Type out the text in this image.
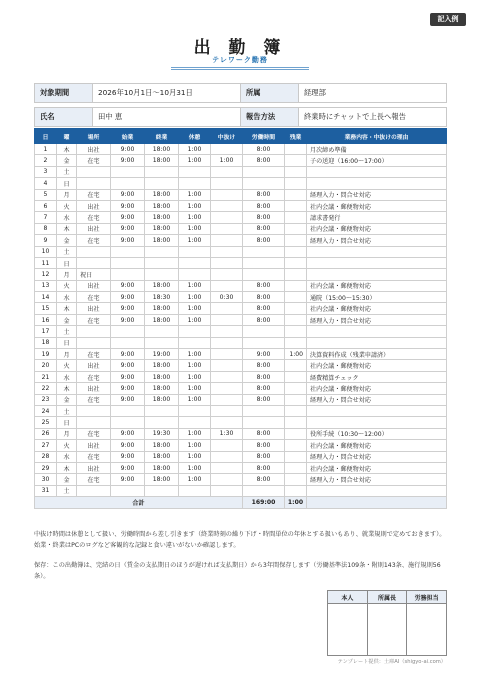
記入例
出 勤 簿
テレワーク勤務
対象期間	2026年10月1日〜10月31日	所属	経理部

氏名	田中 恵	報告方法	終業時にチャットで上長へ報告
日	曜	場所	始業	終業	休憩	中抜け	労働時間	残業	業務内容・中抜けの理由
1	木	出社	9:00	18:00	1:00		8:00		月次締め準備
2	金	在宅	9:00	18:00	1:00	1:00	8:00		子の送迎（16:00〜17:00）
3	土								
4	日								
5	月	在宅	9:00	18:00	1:00		8:00		経理入力・問合せ対応
6	火	出社	9:00	18:00	1:00		8:00		社内会議・郵便物対応
7	水	在宅	9:00	18:00	1:00		8:00		請求書発行
8	木	出社	9:00	18:00	1:00		8:00		社内会議・郵便物対応
9	金	在宅	9:00	18:00	1:00		8:00		経理入力・問合せ対応
10	土								
11	日								
12	月	祝日							
13	火	出社	9:00	18:00	1:00		8:00		社内会議・郵便物対応
14	水	在宅	9:00	18:30	1:00	0:30	8:00		通院（15:00〜15:30）
15	木	出社	9:00	18:00	1:00		8:00		社内会議・郵便物対応
16	金	在宅	9:00	18:00	1:00		8:00		経理入力・問合せ対応
17	土								
18	日								
19	月	在宅	9:00	19:00	1:00		9:00	1:00	決算資料作成（残業申請済）
20	火	出社	9:00	18:00	1:00		8:00		社内会議・郵便物対応
21	水	在宅	9:00	18:00	1:00		8:00		経費精算チェック
22	木	出社	9:00	18:00	1:00		8:00		社内会議・郵便物対応
23	金	在宅	9:00	18:00	1:00		8:00		経理入力・問合せ対応
24	土								
25	日								
26	月	在宅	9:00	19:30	1:00	1:30	8:00		役所手続（10:30〜12:00）
27	火	出社	9:00	18:00	1:00		8:00		社内会議・郵便物対応
28	水	在宅	9:00	18:00	1:00		8:00		経理入力・問合せ対応
29	木	出社	9:00	18:00	1:00		8:00		社内会議・郵便物対応
30	金	在宅	9:00	18:00	1:00		8:00		経理入力・問合せ対応
31	土								
合計							169:00	1:00	
中抜け時間は休憩として扱い、労働時間から差し引きます（終業時刻の繰り下げ・時間単位の年休とする扱いもあり、就業規則で定めておきます）。始業・終業はPCのログなど客観的な記録と食い違いがないか確認します。
保存：この出勤簿は、完結の日（賃金の支払期日のほうが遅ければ支払期日）から3年間保存します（労働基準法109条・附則143条、施行規則56条）。
本人	所属長	労務担当

テンプレート提供：土庫AI（shigyo-ai.com）
